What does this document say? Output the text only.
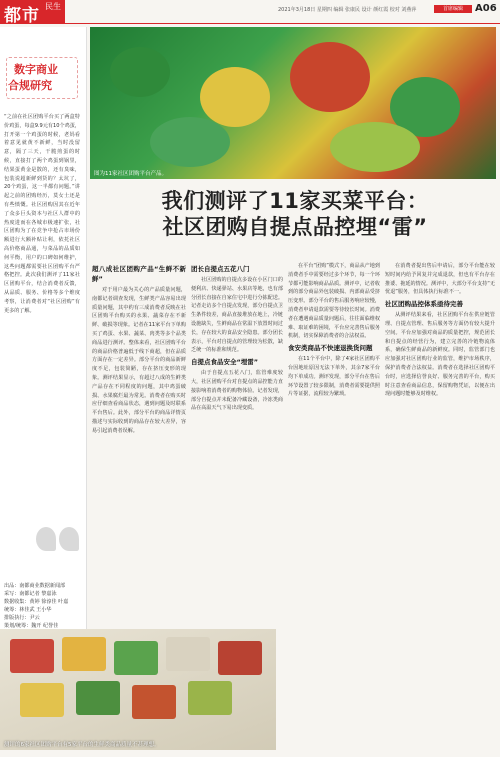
都市 民生	2021年3月18日 星期四 编辑 张康民 设计 颜红霞 校对 刘燕萍	首席编辑	A06
数字商业
合规研究
“之前在社区团购平台买了两盒特价鸡蛋，每盒9.9元有10个鸡蛋，打开第一个鸡蛋的时候，老妈看着意见就黄不新鲜，当时没留意，隔了三天，干脆煎蛋的时候，直接打了两个鸡蛋到锅里，结果蛋黄金是散的，还有臭味，包装说超新鲜到货的？太坑了，20个鸡蛋，这一半都有问题。”讲起之前的团购经历，莫女士还是有些愤慨。社区团购因其在近年了众多巨头资本与社区人群中的热度进而在各城市极速扩张，社区团购为了在竞争中抢占市场份额进行大额补贴让利，依托社区高价格商品通，与菜品的品质如何平衡，用户的口碑如何维护，这些问题都需要社区团购平台严格把控。此次我们测评了11家社区团购平台，结合消费者反馈，从品质、服务、价格等多个维度考察，让消费者对“社区团购”有更多的了解。
出品：南都商业数据新闻部
采写：南都记者 黎嘉泳
数据收集：黄婷 徐淳佳 叶嘉
统筹：林佳武 王小华
排版执行：尹云
策划/统筹：魏开 纪誉佳
图为11家社区团购平台产品。
我们测评了11家买菜平台：
社区团购自提点品控埋“雷”
超八成社区团购产品“生鲜不新鲜”

对于用户最为关心的产品质量问题，南都记者调查发现，生鲜类产品容易出现质量问题，其中约有三成消费者反映在社区团购平台购买的水果、蔬菜存在不新鲜、破损等现象。记者在11家平台下单购买了鸡蛋、水果、蔬菜、肉类等多个品类商品进行测评。整体来看，社区团购平台的商品价格普遍低于线下商超，但在品质方面存在一定差异。部分平台的商品新鲜度不足，包装简陋，存在挤压变形的现象。测评结果显示，有超过八成的生鲜类产品存在不同程度的问题，其中鸡蛋破损、水果腐烂最为常见。消费者在购买时应仔细查看商品状态，遇到问题及时联系平台售后。此外，部分平台的商品详情页描述与实际收到的商品存在较大差异，容易引起消费者误解。

团长自提点五花八门

社区团购的自提点多设在小区门口的便利店、快递驿站、水果店等地，也有部分团长直接在自家住宅中进行分拣配送。记者走访多个自提点发现，部分自提点卫生条件较差，商品直接堆放在地上，冷链设施缺失，生鲜商品在常温下放置时间过长，存在较大的食品安全隐患。部分团长表示，平台对自提点的管理较为松散，缺乏统一的标准和规范。

自提点食品安全“埋雷”

由于自提点五花八门，监管难度较大，社区团购平台对自提点的品控能力直接影响着消费者的购物体验。记者发现，部分自提点并未配备冷藏设备，冷冻类商品在高温天气下易出现变质。

在平台“团购”模式下，商品从产地到消费者手中需要经过多个环节，每一个环节都可能影响商品品质。测评中，记者收到的部分商品外包装破损、内部商品受挤压变形。部分平台的售后服务响应较慢，消费者申请退款需要等待较长时间。消费者在遭遇商品质量问题后，往往面临维权难、取证难的困境，平台应完善售后服务机制，切实保障消费者的合法权益。

食安类商品不快速退换货问题

在11个平台中，除了4家社区团购平台因地址原因无法下单外，其余7家平台均下单成功。测评发现，部分平台在售后环节设置了较多限制，消费者需要提供照片等证据，流程较为繁琐。

在消费者提出售后申请后，部分平台能在较短时间内给予回复并完成退款，但也有平台存在推诿、拖延的情况。测评中，大部分平台支持“无忧退”服务，但具体执行标准不一。

社区团购品控体系亟待完善

从测评结果来看，社区团购平台在供应链管理、自提点管理、售后服务等方面仍有较大提升空间。平台应加强对商品的质量把控，规范团长和自提点的经营行为，建立完善的冷链物流体系，确保生鲜商品的新鲜度。同时，监管部门也应加强对社区团购行业的监管，维护市场秩序，保护消费者合法权益。消费者在选择社区团购平台时，应选择信誉良好、服务完善的平台，购买时注意查看商品信息，保留购物凭证，以便在出现问题时能够及时维权。

测评的6家社区团购平台有5家平台的生鲜类商品质量不甚理想。
